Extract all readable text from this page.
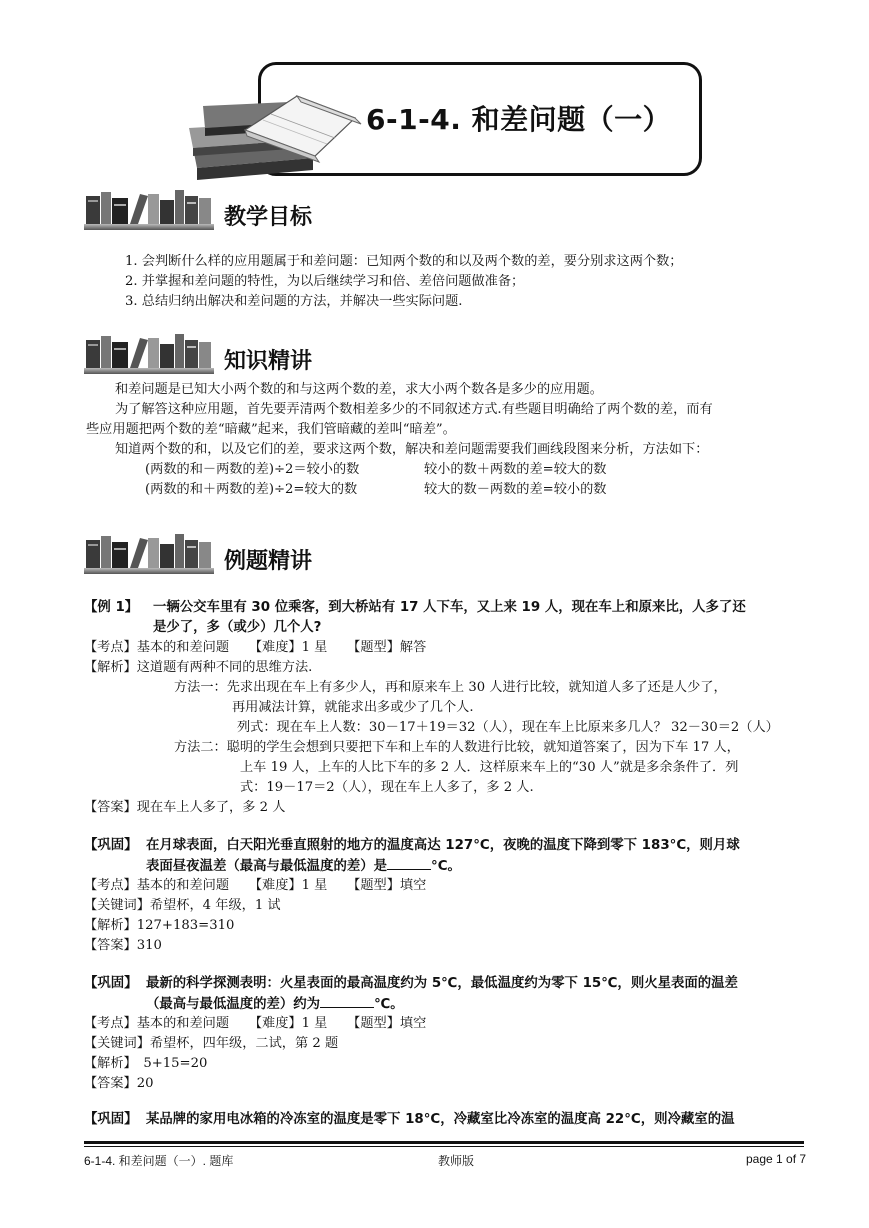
6-1-4. 和差问题（一）
教学目标
1. 会判断什么样的应用题属于和差问题：已知两个数的和以及两个数的差，要分别求这两个数；
2. 并掌握和差问题的特性，为以后继续学习和倍、差倍问题做准备；
3. 总结归纳出解决和差问题的方法，并解决一些实际问题.
知识精讲
和差问题是已知大小两个数的和与这两个数的差，求大小两个数各是多少的应用题。
为了解答这种应用题，首先要弄清两个数相差多少的不同叙述方式.有些题目明确给了两个数的差，而有
些应用题把两个数的差“暗藏”起来，我们管暗藏的差叫“暗差”。
知道两个数的和，以及它们的差，要求这两个数，解决和差问题需要我们画线段图来分析，方法如下：
(两数的和－两数的差)÷2＝较小的数	较小的数＋两数的差=较大的数
(两数的和＋两数的差)÷2=较大的数	较大的数－两数的差=较小的数
例题精讲
【例 1】 一辆公交车里有 30 位乘客，到大桥站有 17 人下车，又上来 19 人，现在车上和原来比，人多了还
是少了，多（或少）几个人?
【考点】基本的和差问题　　【难度】1 星　　【题型】解答
【解析】这道题有两种不同的思维方法.
方法一：先求出现在车上有多少人，再和原来车上 30 人进行比较，就知道人多了还是人少了，
再用减法计算，就能求出多或少了几个人.
列式：现在车上人数：30－17＋19＝32（人），现在车上比原来多几人？ 32－30＝2（人）
方法二：聪明的学生会想到只要把下车和上车的人数进行比较，就知道答案了，因为下车 17 人，
上车 19 人，上车的人比下车的多 2 人．这样原来车上的“30 人”就是多余条件了．列
式：19－17＝2（人），现在车上人多了，多 2 人.
【答案】现在车上人多了，多 2 人
【巩固】 在月球表面，白天阳光垂直照射的地方的温度高达 127°C，夜晚的温度下降到零下 183°C，则月球
表面昼夜温差（最高与最低温度的差）是	°C。
【考点】基本的和差问题　　【难度】1 星　　【题型】填空
【关键词】希望杯，4 年级，1 试
【解析】127+183=310
【答案】310
【巩固】 最新的科学探测表明：火星表面的最高温度约为 5℃，最低温度约为零下 15℃，则火星表面的温差
（最高与最低温度的差）约为	℃。
【考点】基本的和差问题　　【难度】1 星　　【题型】填空
【关键词】希望杯，四年级，二试，第 2 题
【解析】　5+15=20
【答案】20
【巩固】 某品牌的家用电冰箱的冷冻室的温度是零下 18°C，冷藏室比冷冻室的温度高 22°C，则冷藏室的温
6-1-4. 和差问题（一）. 题库	教师版	page 1 of 7
